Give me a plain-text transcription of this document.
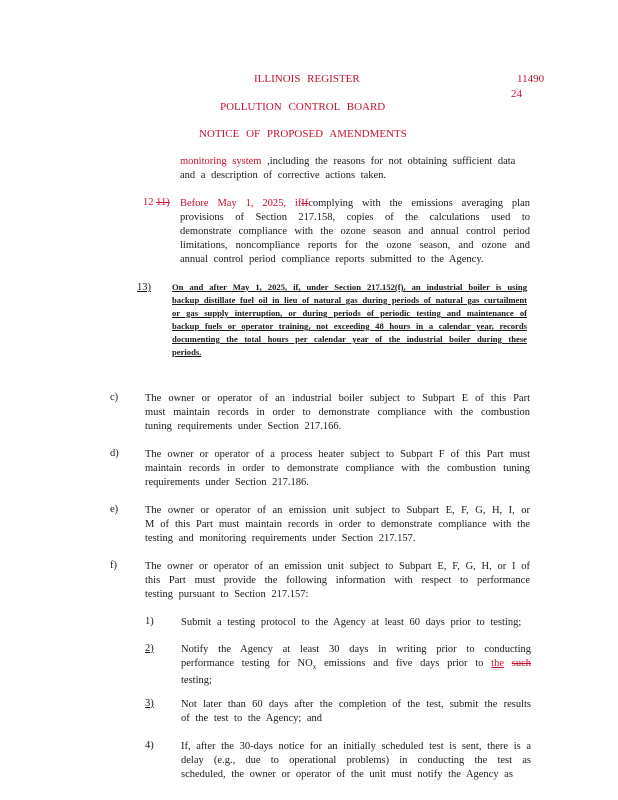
ILLINOIS REGISTER	11490
24
POLLUTION CONTROL BOARD
NOTICE OF PROPOSED AMENDMENTS
monitoring system ,including the reasons for not obtaining sufficient data
and a description of corrective actions taken.
12 11) Before May 1, 2025, ifIfcomplying with the emissions averaging plan provisions of Section 217.158, copies of the calculations used to demonstrate compliance with the ozone season and annual control period limitations, noncompliance reports for the ozone season, and ozone and annual control period compliance reports submitted to the Agency.
13) On and after May 1, 2025, if, under Section 217.152(f), an industrial boiler is using backup distillate fuel oil in lieu of natural gas during periods of natural gas curtailment or gas supply interruption, or during periods of periodic testing and maintenance of backup fuels or operator training, not exceeding 48 hours in a calendar year, records documenting the total hours per calendar year of the industrial boiler during these periods.
c)	The owner or operator of an industrial boiler subject to Subpart E of this Part must maintain records in order to demonstrate compliance with the combustion tuning requirements under Section 217.166.
d)	The owner or operator of a process heater subject to Subpart F of this Part must maintain records in order to demonstrate compliance with the combustion tuning requirements under Section 217.186.
e)	The owner or operator of an emission unit subject to Subpart E, F, G, H, I, or M of this Part must maintain records in order to demonstrate compliance with the testing and monitoring requirements under Section 217.157.
f)	The owner or operator of an emission unit subject to Subpart E, F, G, H, or I of this Part must provide the following information with respect to performance testing pursuant to Section 217.157:
1)	Submit a testing protocol to the Agency at least 60 days prior to testing;
2)	Notify the Agency at least 30 days in writing prior to conducting performance testing for $NO_x$ emissions and five days prior to the such testing;
3)	Not later than 60 days after the completion of the test, submit the results of the test to the Agency; and
4)	If, after the 30-days notice for an initially scheduled test is sent, there is a delay (e.g., due to operational problems) in conducting the test as scheduled, the owner or operator of the unit must notify the Agency as
